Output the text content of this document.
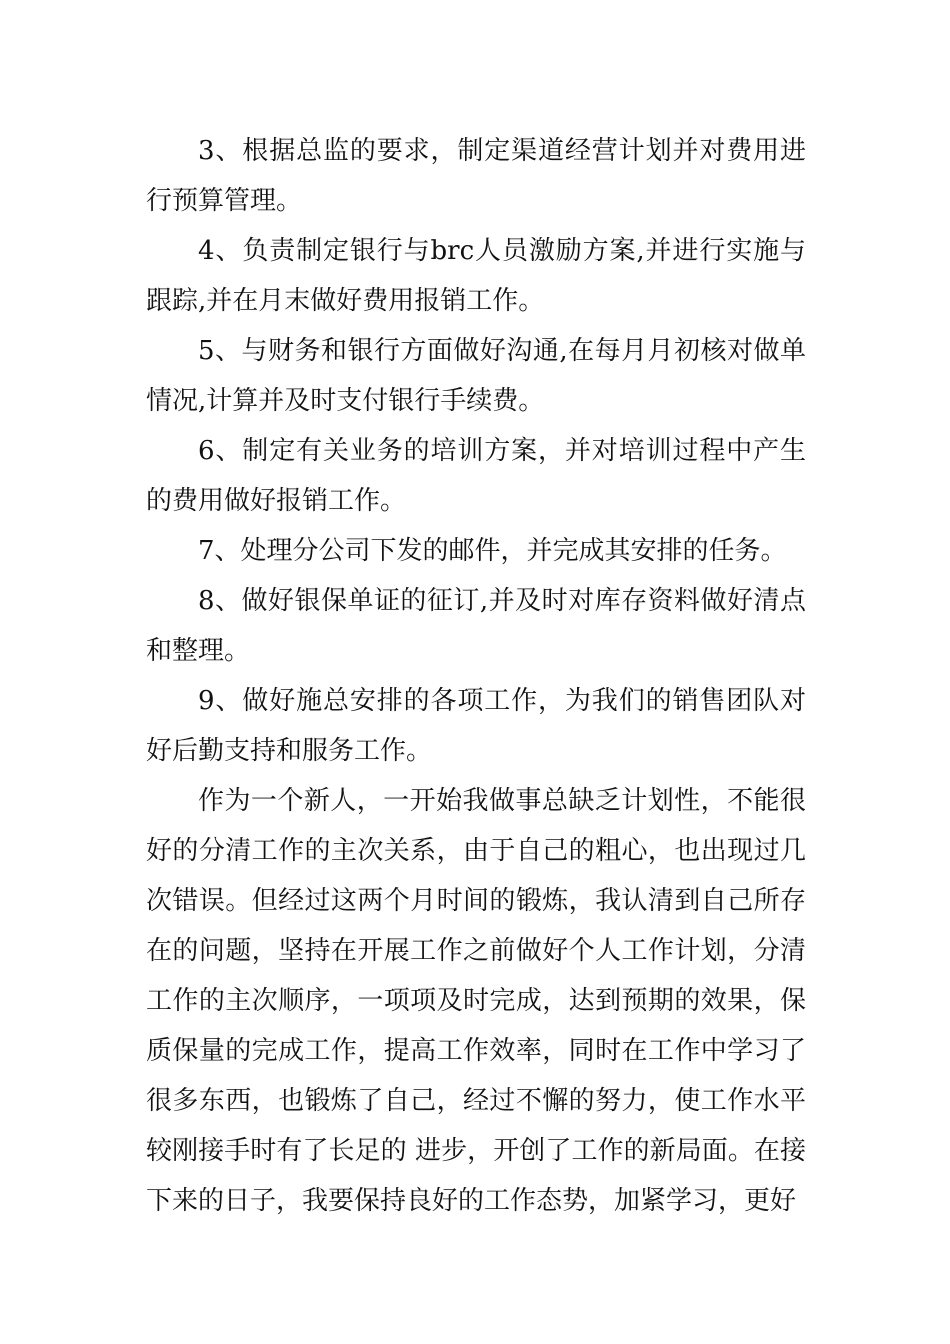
3、根据总监的要求，制定渠道经营计划并对费用进行预算管理。

4、负责制定银行与brc人员激励方案,并进行实施与跟踪,并在月末做好费用报销工作。

5、与财务和银行方面做好沟通,在每月月初核对做单情况,计算并及时支付银行手续费。

6、制定有关业务的培训方案，并对培训过程中产生的费用做好报销工作。

7、处理分公司下发的邮件，并完成其安排的任务。

8、做好银保单证的征订,并及时对库存资料做好清点和整理。

9、做好施总安排的各项工作，为我们的销售团队对好后勤支持和服务工作。

作为一个新人，一开始我做事总缺乏计划性，不能很好的分清工作的主次关系，由于自己的粗心，也出现过几次错误。但经过这两个月时间的锻炼，我认清到自己所存在的问题，坚持在开展工作之前做好个人工作计划，分清工作的主次顺序，一项项及时完成，达到预期的效果，保质保量的完成工作，提高工作效率，同时在工作中学习了很多东西，也锻炼了自己，经过不懈的努力，使工作水平较刚接手时有了长足的 进步，开创了工作的新局面。在接下来的日子，我要保持良好的工作态势，加紧学习，更好
